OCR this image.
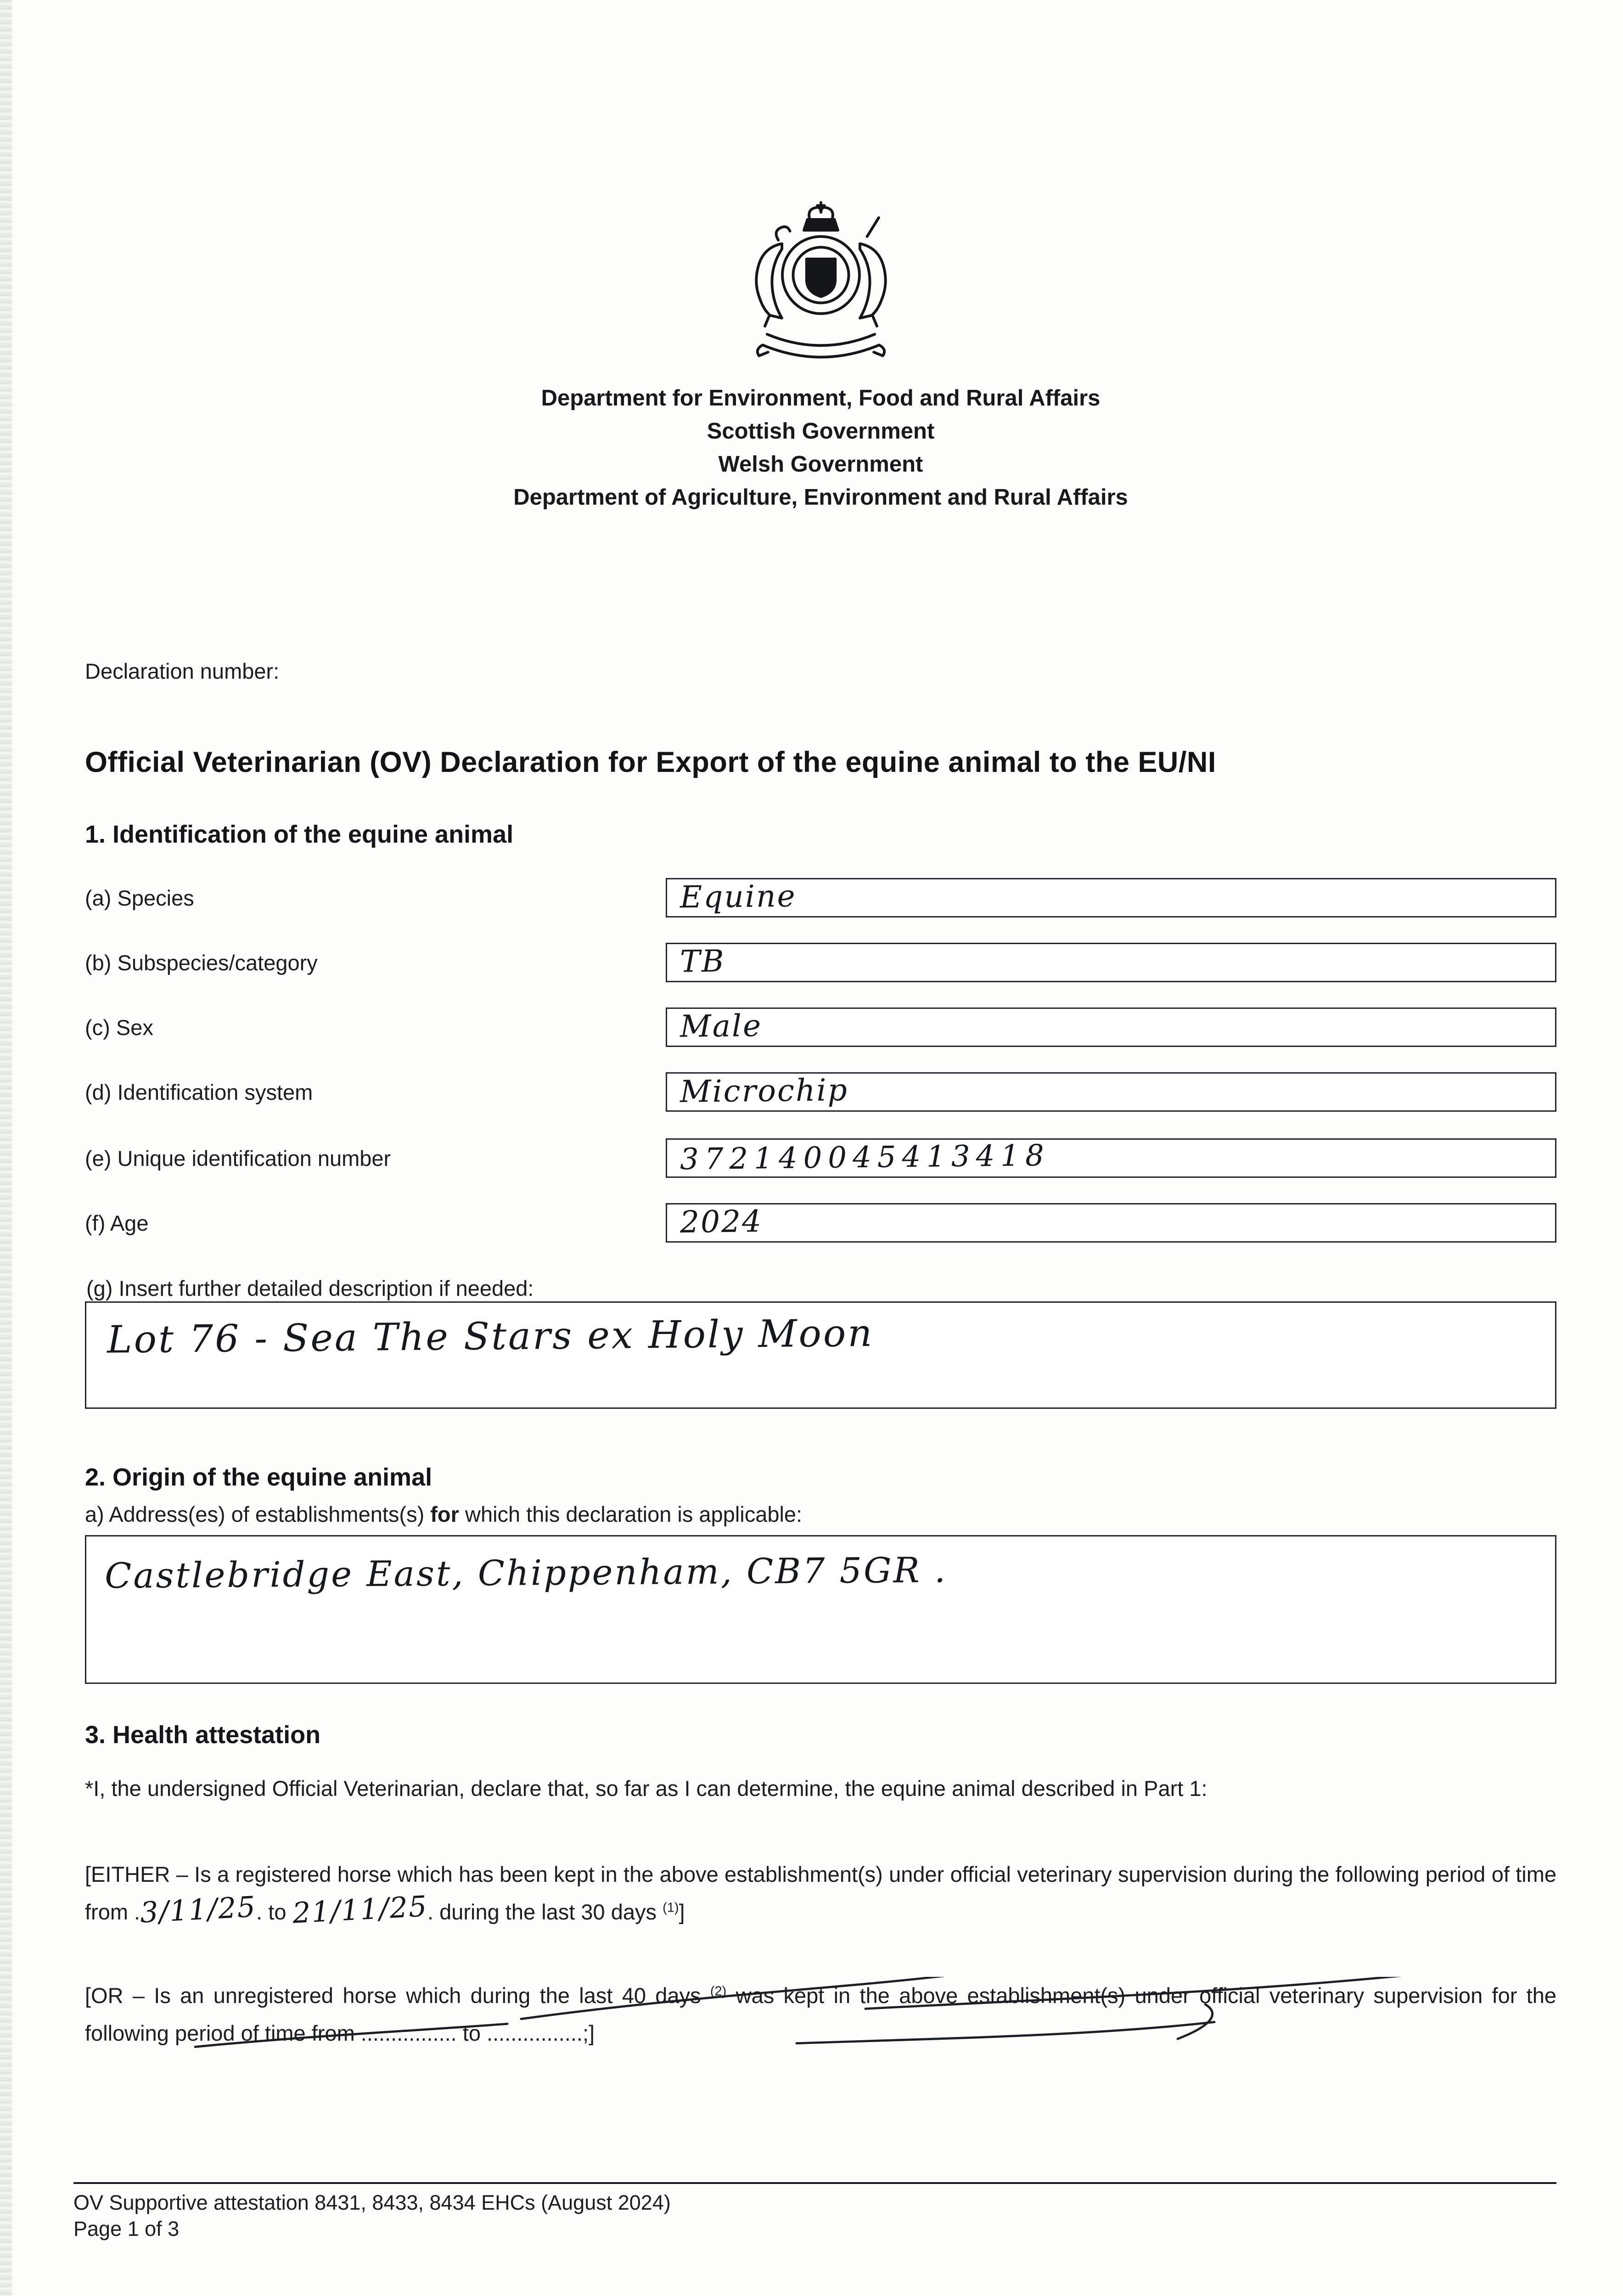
Department for Environment, Food and Rural Affairs
Scottish Government
Welsh Government
Department of Agriculture, Environment and Rural Affairs
Declaration number:
Official Veterinarian (OV) Declaration for Export of the equine animal to the EU/NI
1. Identification of the equine animal
(a) Species	Equine
(b) Subspecies/category	TB
(c) Sex	Male
(d) Identification system	Microchip
(e) Unique identification number	372140045413418
(f) Age	2024
(g) Insert further detailed description if needed:
Lot 76 - Sea The Stars ex Holy Moon
2. Origin of the equine animal

a) Address(es) of establishments(s) for which this declaration is applicable:

Castlebridge East, Chippenham, CB7 5GR .
3. Health attestation

*I, the undersigned Official Veterinarian, declare that, so far as I can determine, the equine animal described in Part 1:

[EITHER – Is a registered horse which has been kept in the above establishment(s) under official veterinary supervision during the following period of time from .3/11/25. to 21/11/25. during the last 30 days $^{(1)}$]

[OR – Is an unregistered horse which during the last 40 days $^{(2)}$ was kept in the above establishment(s) under official veterinary supervision for the following period of time from ................ to ................;]

OV Supportive attestation 8431, 8433, 8434 EHCs (August 2024)
Page 1 of 3
